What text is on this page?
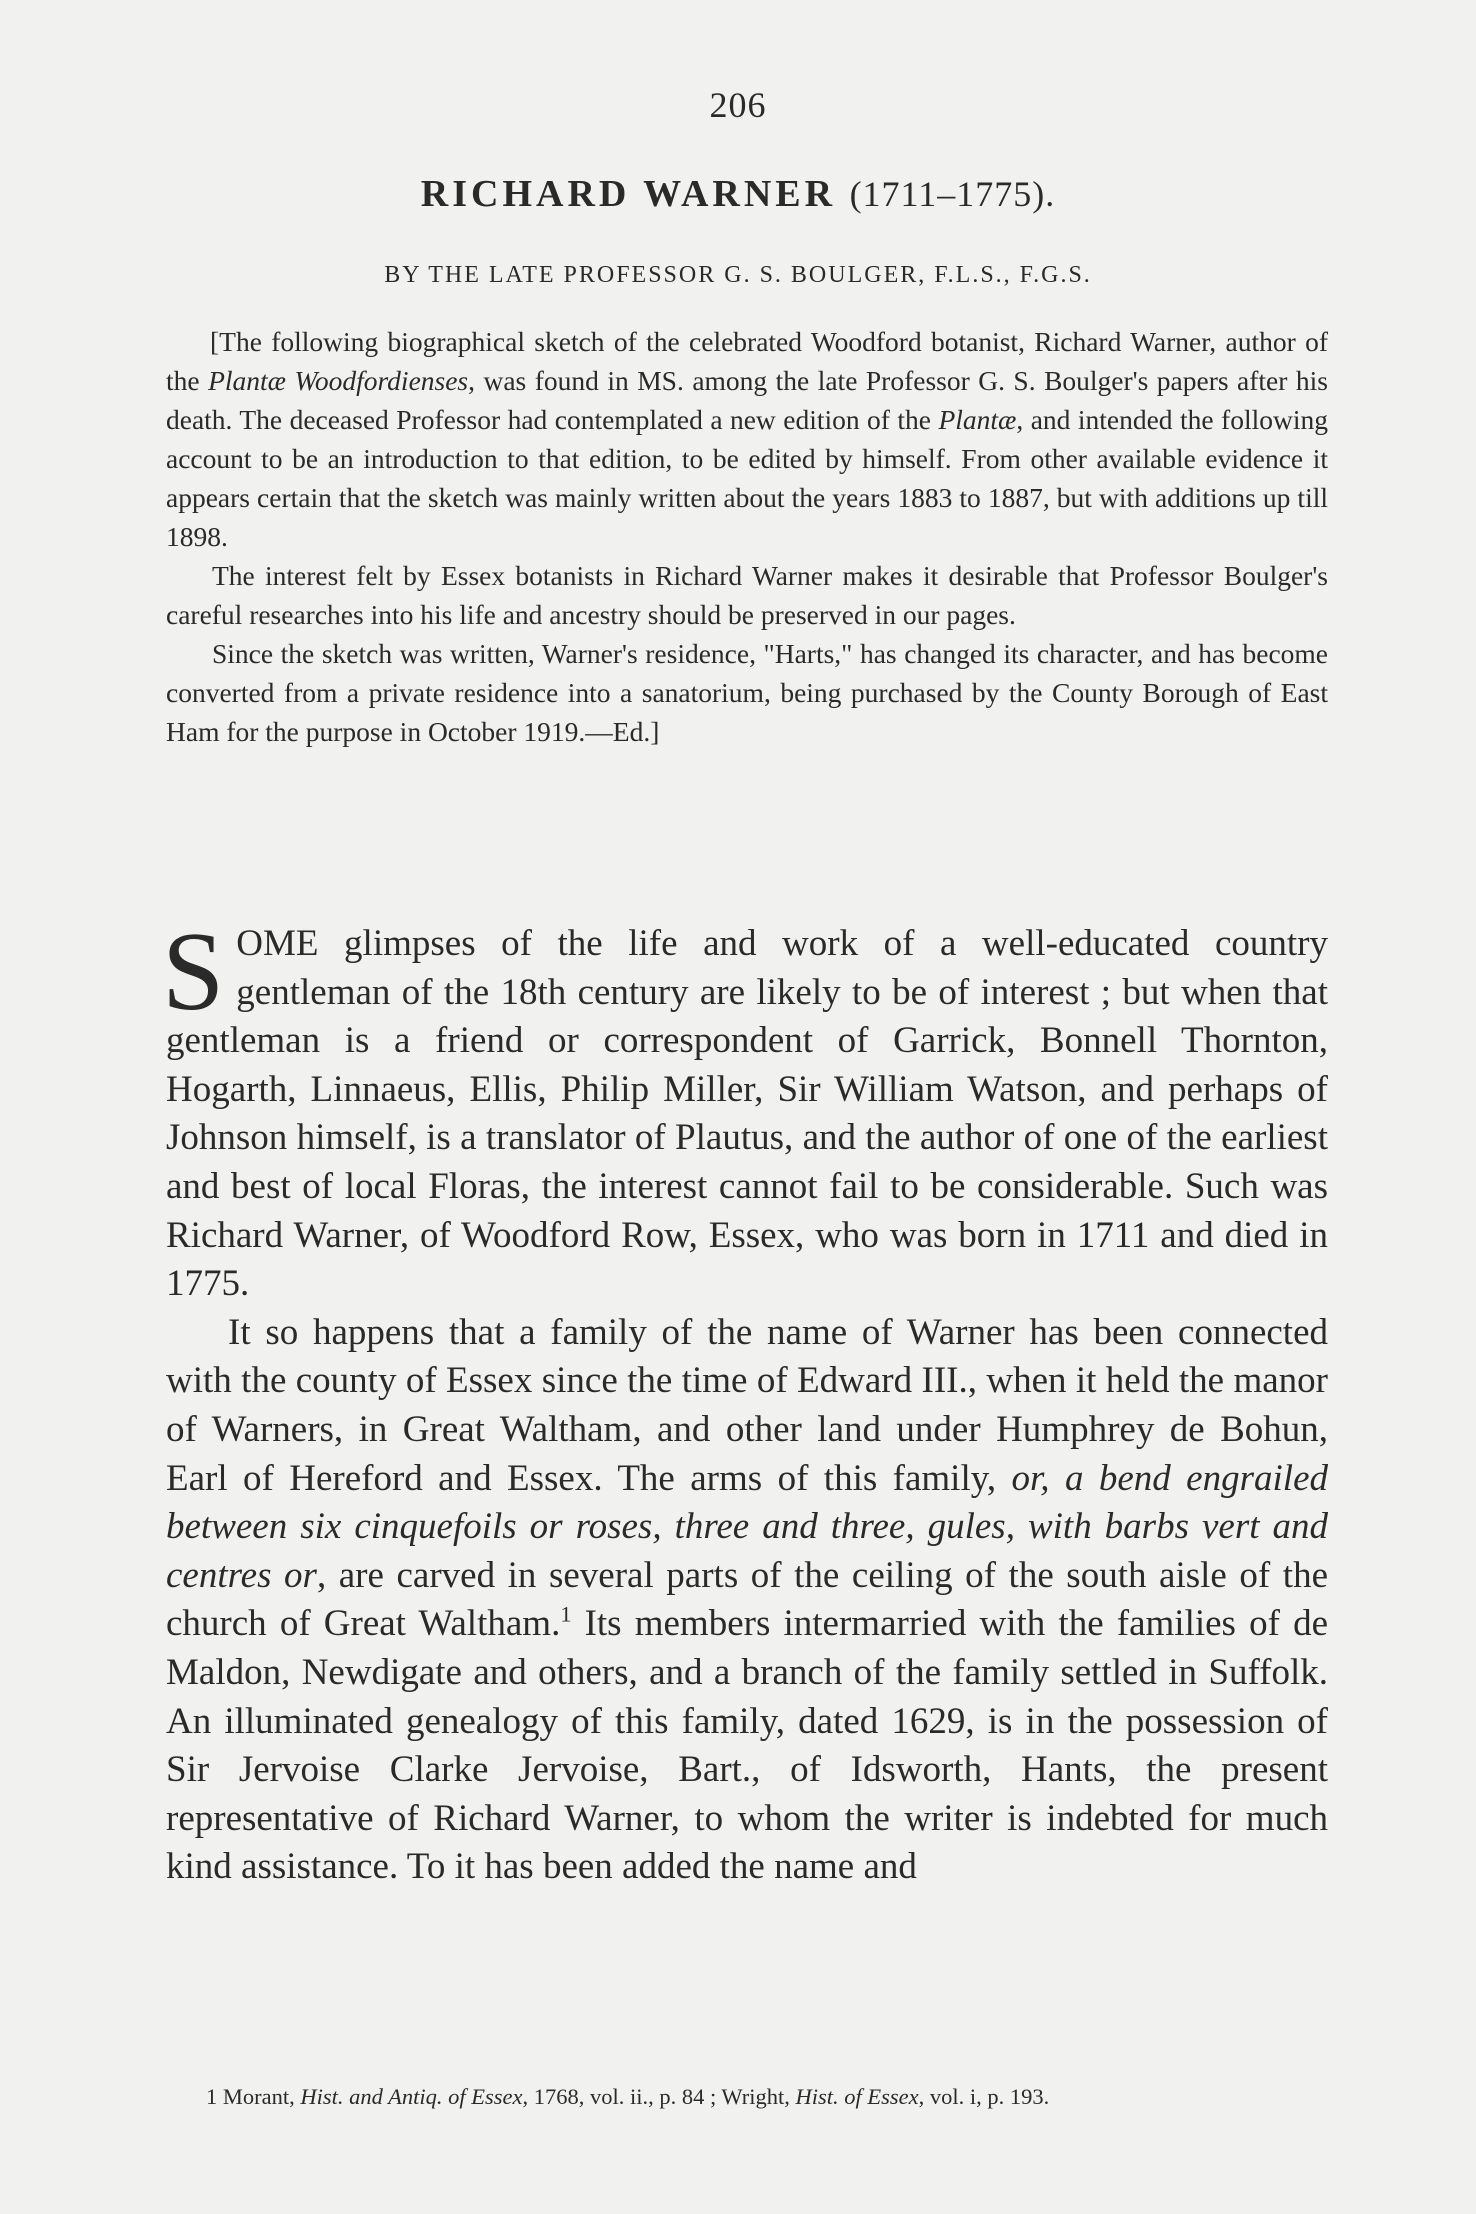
206
RICHARD WARNER (1711–1775).
BY THE LATE PROFESSOR G. S. BOULGER, F.L.S., F.G.S.

[The following biographical sketch of the celebrated Woodford botanist, Richard Warner, author of the Plantæ Woodfordienses, was found in MS. among the late Professor G. S. Boulger's papers after his death. The deceased Professor had contemplated a new edition of the Plantæ, and intended the following account to be an introduction to that edition, to be edited by himself. From other available evidence it appears certain that the sketch was mainly written about the years 1883 to 1887, but with additions up till 1898.

The interest felt by Essex botanists in Richard Warner makes it desirable that Professor Boulger's careful researches into his life and ancestry should be preserved in our pages.

Since the sketch was written, Warner's residence, "Harts," has changed its character, and has become converted from a private residence into a sanatorium, being purchased by the County Borough of East Ham for the purpose in October 1919.—Ed.]

SOME glimpses of the life and work of a well-educated country gentleman of the 18th century are likely to be of interest ; but when that gentleman is a friend or correspondent of Garrick, Bonnell Thornton, Hogarth, Linnaeus, Ellis, Philip Miller, Sir William Watson, and perhaps of Johnson himself, is a translator of Plautus, and the author of one of the earliest and best of local Floras, the interest cannot fail to be considerable. Such was Richard Warner, of Woodford Row, Essex, who was born in 1711 and died in 1775.

It so happens that a family of the name of Warner has been connected with the county of Essex since the time of Edward III., when it held the manor of Warners, in Great Waltham, and other land under Humphrey de Bohun, Earl of Hereford and Essex. The arms of this family, or, a bend engrailed between six cinquefoils or roses, three and three, gules, with barbs vert and centres or, are carved in several parts of the ceiling of the south aisle of the church of Great Waltham.$^1$ Its members intermarried with the families of de Maldon, Newdigate and others, and a branch of the family settled in Suffolk. An illuminated genealogy of this family, dated 1629, is in the possession of Sir Jervoise Clarke Jervoise, Bart., of Idsworth, Hants, the present representative of Richard Warner, to whom the writer is indebted for much kind assistance. To it has been added the name and

1 Morant, Hist. and Antiq. of Essex, 1768, vol. ii., p. 84 ; Wright, Hist. of Essex, vol. i, p. 193.
